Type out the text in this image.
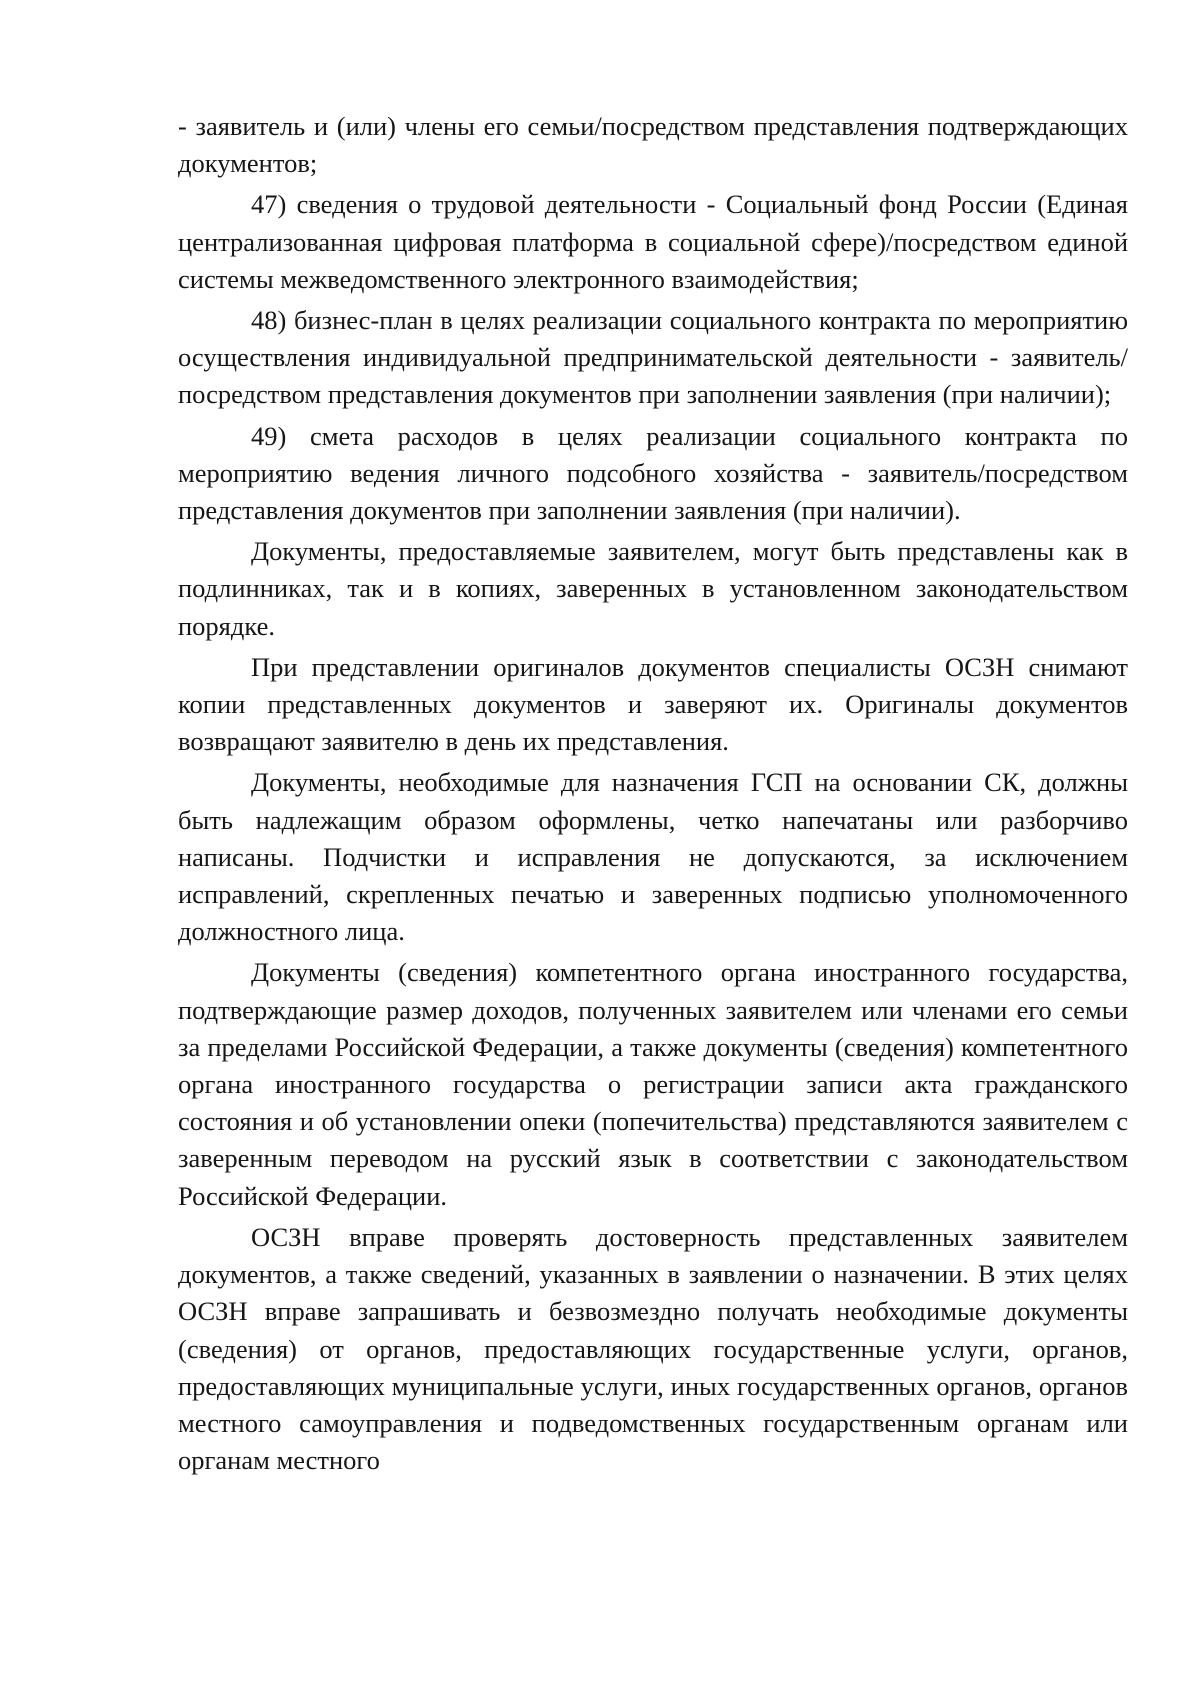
- заявитель и (или) члены его семьи/посредством представления подтверждающих документов;

47) сведения о трудовой деятельности - Социальный фонд России (Единая централизованная цифровая платформа в социальной сфере)/посредством единой системы межведомственного электронного взаимодействия;

48) бизнес-план в целях реализации социального контракта по мероприятию осуществления индивидуальной предпринимательской деятельности - заявитель/посредством представления документов при заполнении заявления (при наличии);

49) смета расходов в целях реализации социального контракта по мероприятию ведения личного подсобного хозяйства - заявитель/посредством представления документов при заполнении заявления (при наличии).

Документы, предоставляемые заявителем, могут быть представлены как в подлинниках, так и в копиях, заверенных в установленном законодательством порядке.

При представлении оригиналов документов специалисты ОСЗН снимают копии представленных документов и заверяют их. Оригиналы документов возвращают заявителю в день их представления.

Документы, необходимые для назначения ГСП на основании СК, должны быть надлежащим образом оформлены, четко напечатаны или разборчиво написаны. Подчистки и исправления не допускаются, за исключением исправлений, скрепленных печатью и заверенных подписью уполномоченного должностного лица.

Документы (сведения) компетентного органа иностранного государства, подтверждающие размер доходов, полученных заявителем или членами его семьи за пределами Российской Федерации, а также документы (сведения) компетентного органа иностранного государства о регистрации записи акта гражданского состояния и об установлении опеки (попечительства) представляются заявителем с заверенным переводом на русский язык в соответствии с законодательством Российской Федерации.

ОСЗН вправе проверять достоверность представленных заявителем документов, а также сведений, указанных в заявлении о назначении. В этих целях ОСЗН вправе запрашивать и безвозмездно получать необходимые документы (сведения) от органов, предоставляющих государственные услуги, органов, предоставляющих муниципальные услуги, иных государственных органов, органов местного самоуправления и подведомственных государственным органам или органам местного
